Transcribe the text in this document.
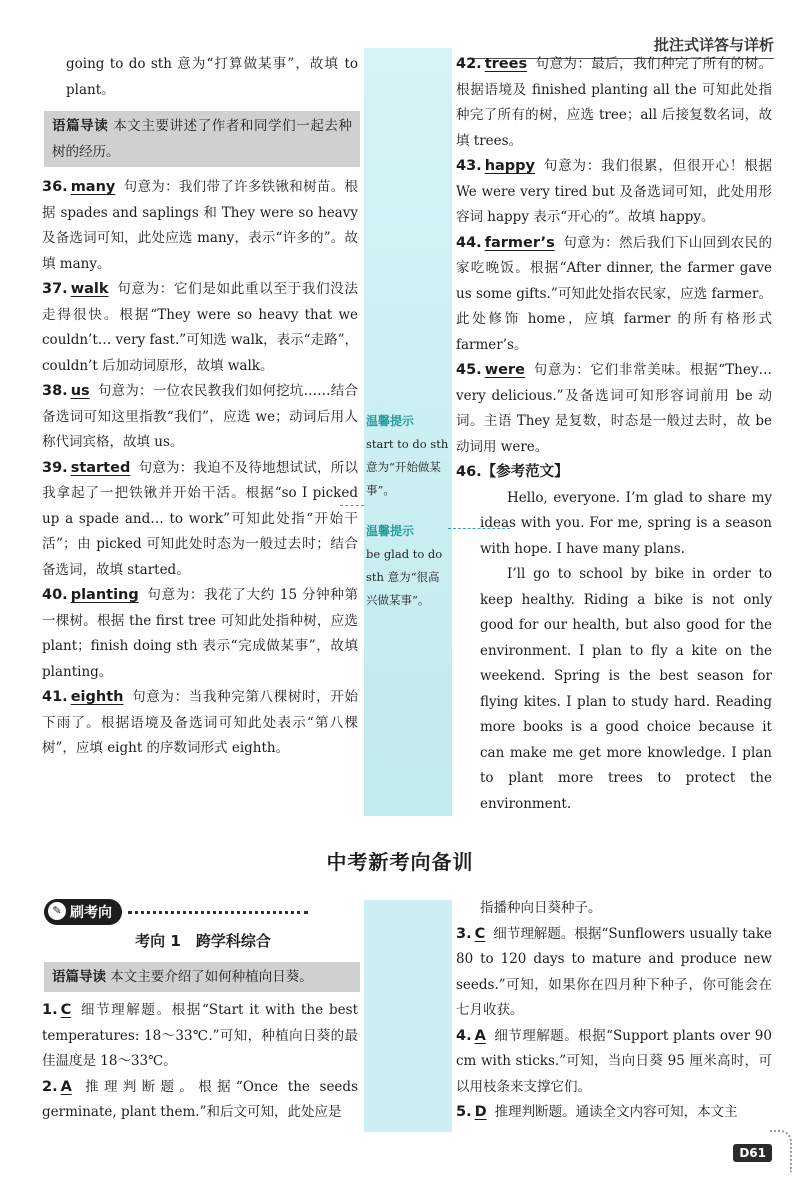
批注式详答与详析

going to do sth 意为“打算做某事”，故填 to plant。

语篇导读 本文主要讲述了作者和同学们一起去种树的经历。
36. many 句意为：我们带了许多铁锹和树苗。根据 spades and saplings 和 They were so heavy 及备选词可知，此处应选 many，表示“许多的”。故填 many。
37. walk 句意为：它们是如此重以至于我们没法走得很快。根据“They were so heavy that we couldn’t… very fast.”可知选 walk，表示“走路”，couldn’t 后加动词原形，故填 walk。
38. us 句意为：一位农民教我们如何挖坑……结合备选词可知这里指教“我们”，应选 we；动词后用人称代词宾格，故填 us。
39. started 句意为：我迫不及待地想试试，所以我拿起了一把铁锹并开始干活。根据“so I picked up a spade and… to work”可知此处指“开始干活”；由 picked 可知此处时态为一般过去时；结合备选词，故填 started。
40. planting 句意为：我花了大约 15 分钟种第一棵树。根据 the first tree 可知此处指种树，应选 plant；finish doing sth 表示“完成做某事”，故填 planting。
41. eighth 句意为：当我种完第八棵树时，开始下雨了。根据语境及备选词可知此处表示“第八棵树”，应填 eight 的序数词形式 eighth。
温馨提示
start to do sth 意为“开始做某事”。
温馨提示
be glad to do sth 意为“很高兴做某事”。
42. trees 句意为：最后，我们种完了所有的树。根据语境及 finished planting all the 可知此处指种完了所有的树，应选 tree；all 后接复数名词，故填 trees。
43. happy 句意为：我们很累，但很开心！根据 We were very tired but 及备选词可知，此处用形容词 happy 表示“开心的”。故填 happy。
44. farmer’s 句意为：然后我们下山回到农民的家吃晚饭。根据“After dinner, the farmer gave us some gifts.”可知此处指农民家，应选 farmer。此处修饰 home，应填 farmer 的所有格形式 farmer’s。
45. were 句意为：它们非常美味。根据“They… very delicious.”及备选词可知形容词前用 be 动词。主语 They 是复数，时态是一般过去时，故 be 动词用 were。
46.【参考范文】

Hello, everyone. I’m glad to share my ideas with you. For me, spring is a season with hope. I have many plans.

I’ll go to school by bike in order to keep healthy. Riding a bike is not only good for our health, but also good for the environment. I plan to fly a kite on the weekend. Spring is the best season for flying kites. I plan to study hard. Reading more books is a good choice because it can make me get more knowledge. I plan to plant more trees to protect the environment.

中考新考向备训
✎ 刷考向
考向 1　跨学科综合
语篇导读 本文主要介绍了如何种植向日葵。
1. C 细节理解题。根据“Start it with the best temperatures: 18～33℃.”可知，种植向日葵的最佳温度是 18～33℃。
2. A 推理判断题。根据“Once the seeds germinate, plant them.”和后文可知，此处应是

指播种向日葵种子。

3. C 细节理解题。根据“Sunflowers usually take 80 to 120 days to mature and produce new seeds.”可知，如果你在四月种下种子，你可能会在七月收获。
4. A 细节理解题。根据“Support plants over 90 cm with sticks.”可知，当向日葵 95 厘米高时，可以用枝条来支撑它们。
5. D 推理判断题。通读全文内容可知，本文主
D61
